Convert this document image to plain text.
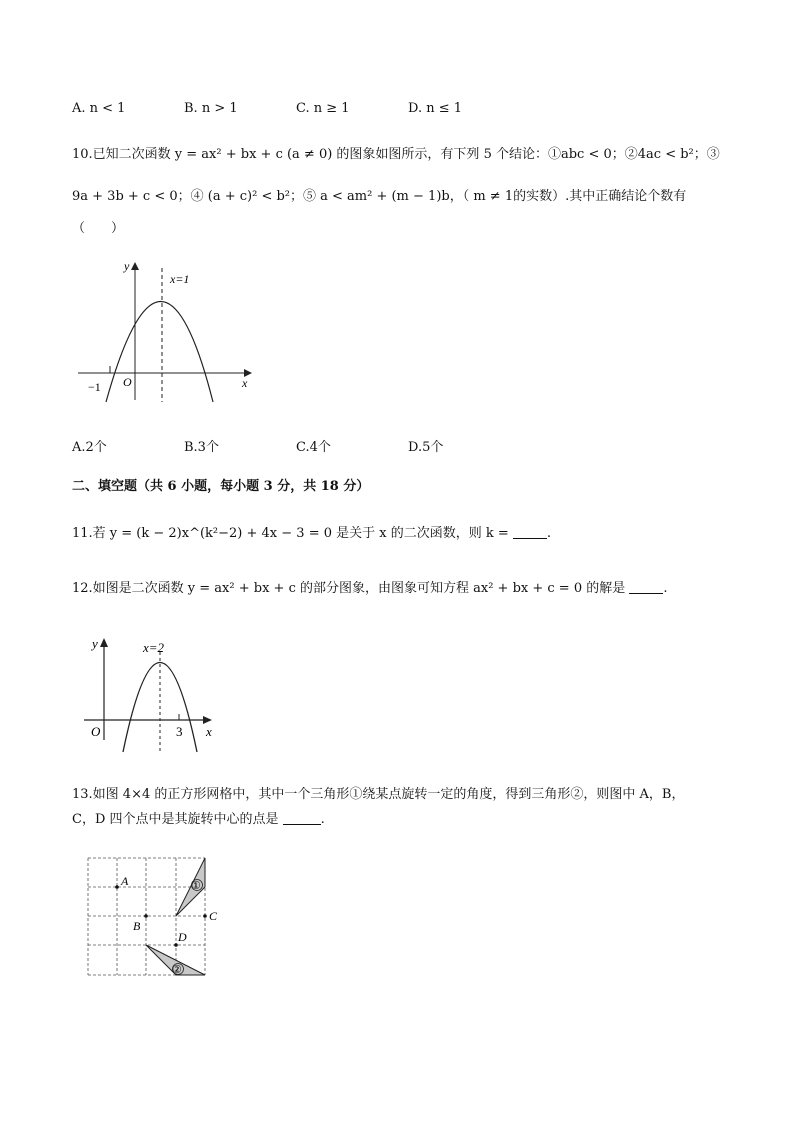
A. n < 1	B. n > 1	C. n ≥ 1	D. n ≤ 1
10.已知二次函数 y = ax² + bx + c (a ≠ 0) 的图象如图所示，有下列 5 个结论：①abc < 0；②4ac < b²；③
9a + 3b + c < 0；④ (a + c)² < b²；⑤ a < am² + (m − 1)b，（ m ≠ 1的实数）.其中正确结论个数有
（　　）
y
x
O
−1
x=1
A.2个	B.3个	C.4个	D.5个
二、填空题（共 6 小题，每小题 3 分，共 18 分）
11.若 y = (k − 2)x^(k²−2) + 4x − 3 = 0 是关于 x 的二次函数，则 k =	.
12.如图是二次函数 y = ax² + bx + c 的部分图象，由图象可知方程 ax² + bx + c = 0 的解是	.
y
x
O	3
x=2
13.如图 4×4 的正方形网格中，其中一个三角形①绕某点旋转一定的角度，得到三角形②，则图中 A，B，
C，D 四个点中是其旋转中心的点是	.
①
②
A
B
C
D
